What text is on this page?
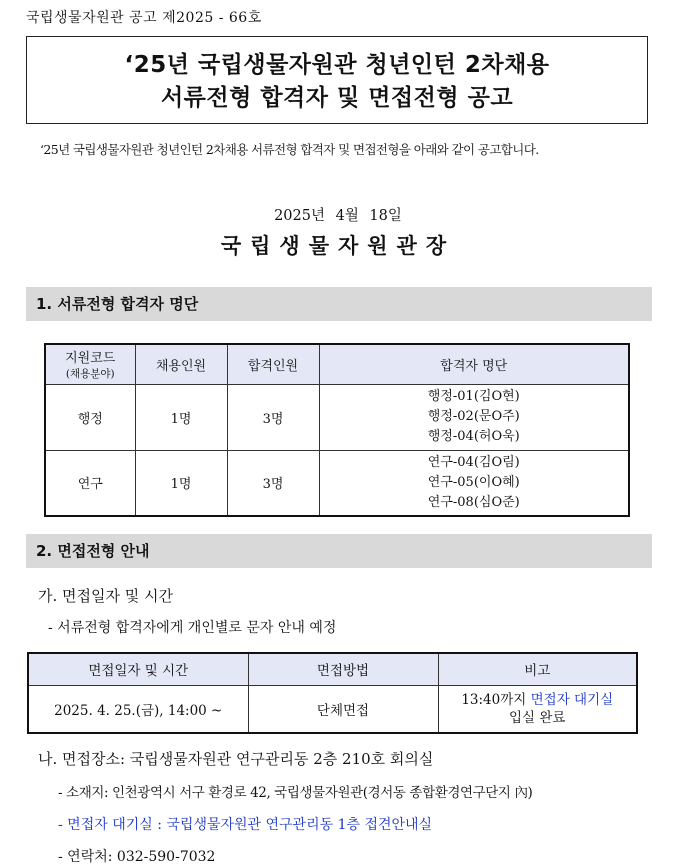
국립생물자원관 공고 제2025 - 66호
‘25년 국립생물자원관 청년인턴 2차채용
서류전형 합격자 및 면접전형 공고
‘25년 국립생물자원관 청년인턴 2차채용 서류전형 합격자 및 면접전형을 아래와 같이 공고합니다.
2025년 4월 18일
국립생물자원관장
1. 서류전형 합격자 명단
지원코드
(채용분야)	채용인원	합격인원	합격자 명단
행정	1명	3명	행정-01(김O현)
행정-02(문O주)
행정-04(허O욱)

연구	1명	3명	연구-04(김O림)
연구-05(이O혜)
연구-08(심O준)
2. 면접전형 안내
가. 면접일자 및 시간
- 서류전형 합격자에게 개인별로 문자 안내 예정
면접일자 및 시간	면접방법	비고
2025. 4. 25.(금), 14:00 ~	단체면접	13:40까지 면접자 대기실
입실 완료
나. 면접장소: 국립생물자원관 연구관리동 2층 210호 회의실
- 소재지: 인천광역시 서구 환경로 42, 국립생물자원관(경서동 종합환경연구단지 內)
- 면접자 대기실 : 국립생물자원관 연구관리동 1층 접견안내실
- 연락처: 032-590-7032
